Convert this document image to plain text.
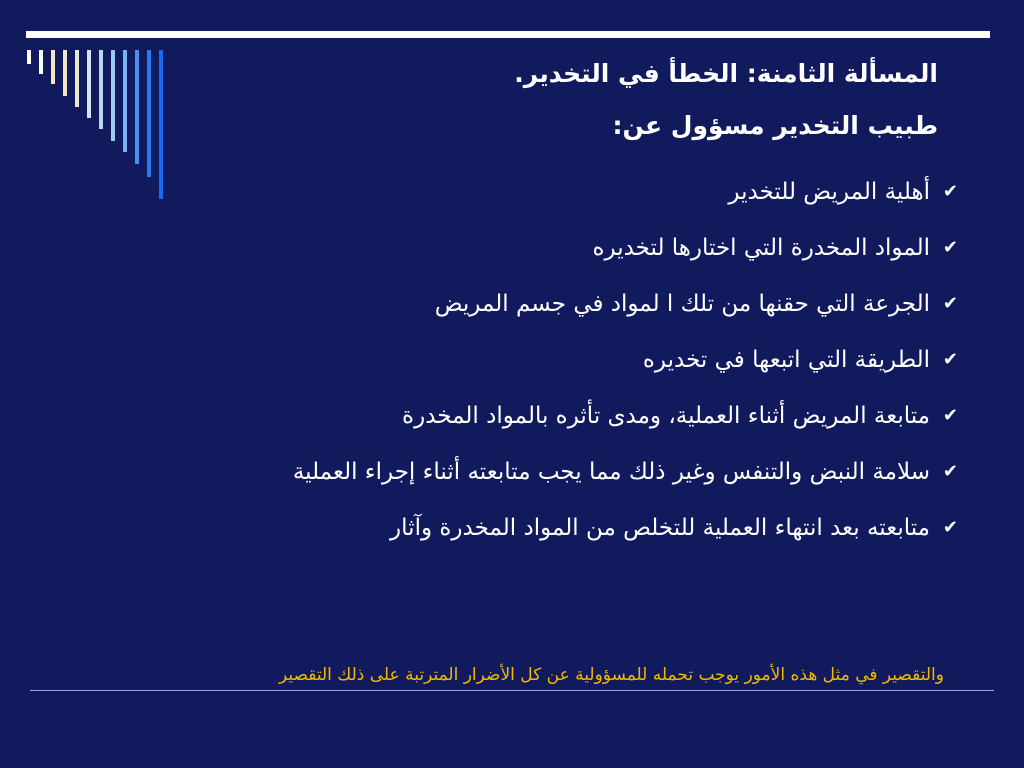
المسألة الثامنة: الخطأ في التخدير.
طبيب التخدير مسؤول عن:
✔
أهلية المريض للتخدير
✔
المواد المخدرة التي اختارها لتخديره
✔
الجرعة التي حقنها من تلك ا لمواد في جسم المريض
✔
الطريقة التي اتبعها في تخديره
✔
متابعة المريض أثناء العملية، ومدى تأثره بالمواد المخدرة
✔
سلامة النبض والتنفس وغير ذلك مما يجب متابعته أثناء إجراء العملية
✔
متابعته بعد انتهاء العملية للتخلص من المواد المخدرة وآثار

والتقصير في مثل هذه الأمور يوجب تحمله للمسؤولية عن كل الأضرار المترتبة على ذلك التقصير
